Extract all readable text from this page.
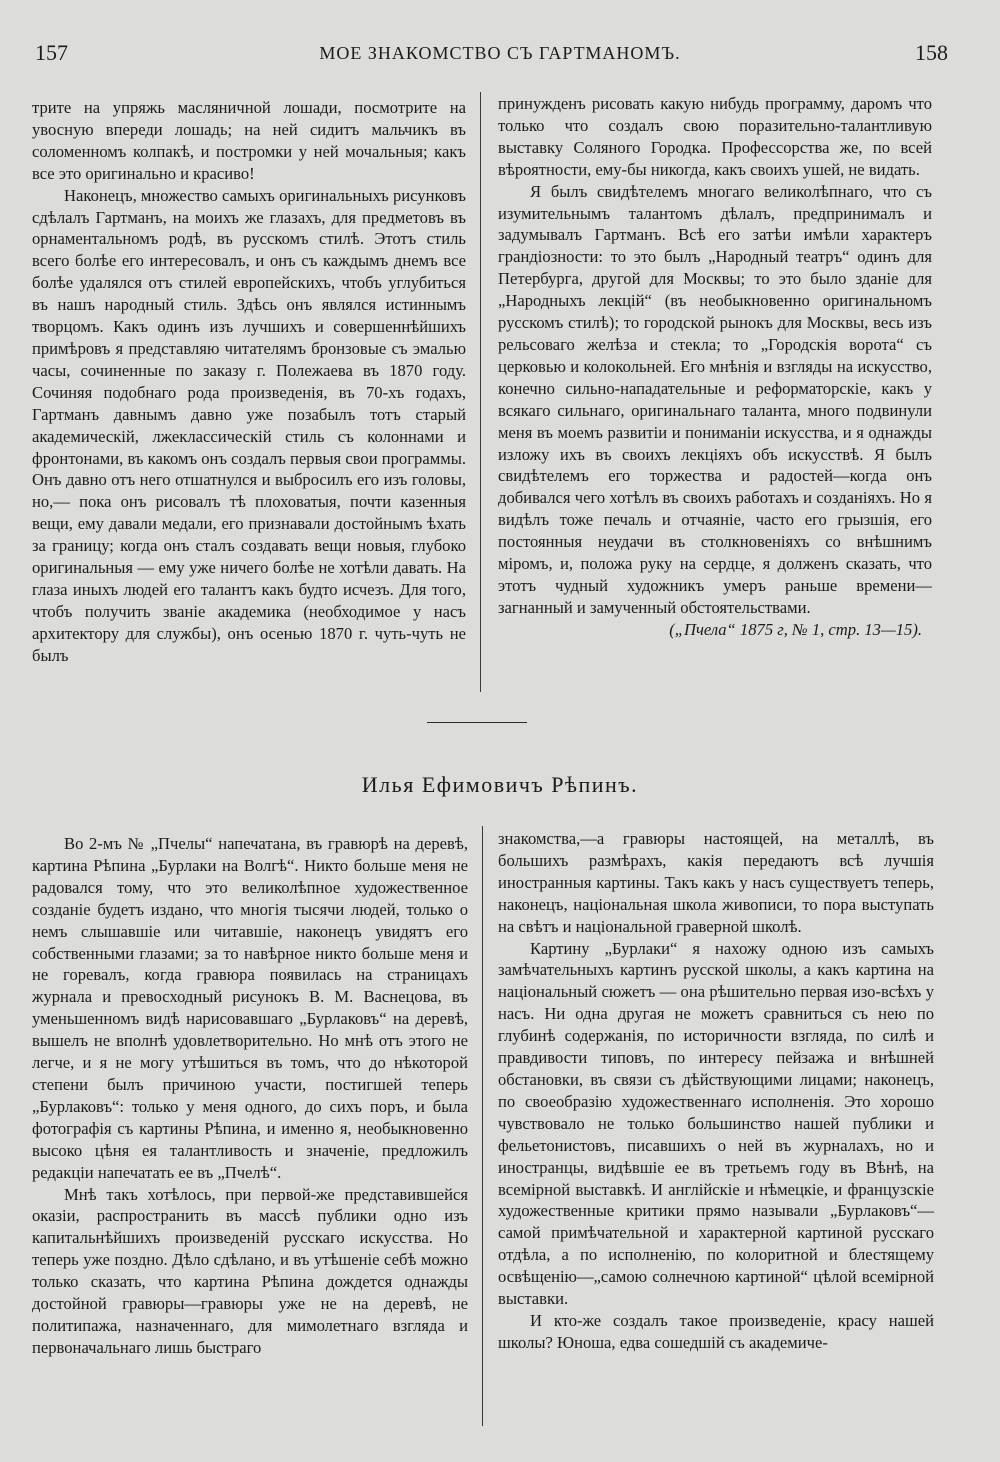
157	МОЕ ЗНАКОМСТВО СЪ ГАРТМАНОМЪ.	158

трите на упряжь масляничной лошади, посмотрите на увосную впереди лошадь; на ней сидитъ мальчикъ въ соломенномъ колпакѣ, и постромки у ней мочальныя; какъ все это оригинально и красиво!

Наконецъ, множество самыхъ оригинальныхъ рисунковъ сдѣлалъ Гартманъ, на моихъ же глазахъ, для предметовъ въ орнаментальномъ родѣ, въ русскомъ стилѣ. Этотъ стиль всего болѣе его интересовалъ, и онъ съ каждымъ днемъ все болѣе удалялся отъ стилей европейскихъ, чтобъ углубиться въ нашъ народный стиль. Здѣсь онъ являлся истиннымъ творцомъ. Какъ одинъ изъ лучшихъ и совершеннѣйшихъ примѣровъ я представляю читателямъ бронзовые съ эмалью часы, сочиненные по заказу г. Полежаева въ 1870 году. Сочиняя подобнаго рода произведенія, въ 70-хъ годахъ, Гартманъ давнымъ давно уже позабылъ тотъ старый академическій, лжеклассическій стиль съ колоннами и фронтонами, въ какомъ онъ создалъ первыя свои программы. Онъ давно отъ него отшатнулся и выбросилъ его изъ головы, но,— пока онъ рисовалъ тѣ плоховатыя, почти казенныя вещи, ему давали медали, его признавали достойнымъ ѣхать за границу; когда онъ сталъ создавать вещи новыя, глубоко оригинальныя — ему уже ничего болѣе не хотѣли давать. На глаза иныхъ людей его талантъ какъ будто исчезъ. Для того, чтобъ получить званіе академика (необходимое у насъ архитектору для службы), онъ осенью 1870 г. чуть-чуть не былъ

принужденъ рисовать какую нибудь программу, даромъ что только что создалъ свою поразительно-талантливую выставку Соляного Городка. Профессорства же, по всей вѣроятности, ему-бы никогда, какъ своихъ ушей, не видать.

Я былъ свидѣтелемъ многаго великолѣпнаго, что съ изумительнымъ талантомъ дѣлалъ, предпринималъ и задумывалъ Гартманъ. Всѣ его затѣи имѣли характеръ грандіозности: то это былъ „Народный театръ“ одинъ для Петербурга, другой для Москвы; то это было зданіе для „Народныхъ лекцій“ (въ необыкновенно оригинальномъ русскомъ стилѣ); то городской рынокъ для Москвы, весь изъ рельсоваго желѣза и стекла; то „Городскія ворота“ съ церковью и колокольней. Его мнѣнія и взгляды на искусство, конечно сильно-нападательные и реформаторскіе, какъ у всякаго сильнаго, оригинальнаго таланта, много подвинули меня въ моемъ развитіи и пониманіи искусства, и я однажды изложу ихъ въ своихъ лекціяхъ объ искусствѣ. Я былъ свидѣтелемъ его торжества и радостей—когда онъ добивался чего хотѣлъ въ своихъ работахъ и созданіяхъ. Но я видѣлъ тоже печаль и отчаяніе, часто его грызшія, его постоянныя неудачи въ столкновеніяхъ со внѣшнимъ міромъ, и, положа руку на сердце, я долженъ сказать, что этотъ чудный художникъ умеръ раньше времени— загнанный и замученный обстоятельствами.

(„Пчела“ 1875 г, № 1, стр. 13—15).

Илья Ефимовичъ Рѣпинъ.

Во 2-мъ № „Пчелы“ напечатана, въ гравюрѣ на деревѣ, картина Рѣпина „Бурлаки на Волгѣ“. Никто больше меня не радовался тому, что это великолѣпное художественное созданіе будетъ издано, что многія тысячи людей, только о немъ слышавшіе или читавшіе, наконецъ увидятъ его собственными глазами; за то навѣрное никто больше меня и не горевалъ, когда гравюра появилась на страницахъ журнала и превосходный рисунокъ В. М. Васнецова, въ уменьшенномъ видѣ нарисовавшаго „Бурлаковъ“ на деревѣ, вышелъ не вполнѣ удовлетворительно. Но мнѣ отъ этого не легче, и я не могу утѣшиться въ томъ, что до нѣкоторой степени былъ причиною участи, постигшей теперь „Бурлаковъ“: только у меня одного, до сихъ поръ, и была фотографія съ картины Рѣпина, и именно я, необыкновенно высоко цѣня ея талантливость и значеніе, предложилъ редакціи напечатать ее въ „Пчелѣ“.

Мнѣ такъ хотѣлось, при первой-же представившейся оказіи, распространить въ массѣ публики одно изъ капитальнѣйшихъ произведеній русскаго искусства. Но теперь уже поздно. Дѣло сдѣлано, и въ утѣшеніе себѣ можно только сказать, что картина Рѣпина дождется однажды достойной гравюры—гравюры уже не на деревѣ, не политипажа, назначеннаго, для мимолетнаго взгляда и первоначальнаго лишь быстраго

знакомства,—а гравюры настоящей, на металлѣ, въ большихъ размѣрахъ, какія передаютъ всѣ лучшія иностранныя картины. Такъ какъ у насъ существуетъ теперь, наконецъ, національная школа живописи, то пора выступать на свѣтъ и національной граверной школѣ.

Картину „Бурлаки“ я нахожу одною изъ самыхъ замѣчательныхъ картинъ русской школы, а какъ картина на національный сюжетъ — она рѣшительно первая изо-всѣхъ у насъ. Ни одна другая не можетъ сравниться съ нею по глубинѣ содержанія, по историчности взгляда, по силѣ и правдивости типовъ, по интересу пейзажа и внѣшней обстановки, въ связи съ дѣйствующими лицами; наконецъ, по своеобразію художественнаго исполненія. Это хорошо чувствовало не только большинство нашей публики и фельетонистовъ, писавшихъ о ней въ журналахъ, но и иностранцы, видѣвшіе ее въ третьемъ году въ Вѣнѣ, на всемірной выставкѣ. И англійскіе и нѣмецкіе, и французскіе художественные критики прямо называли „Бурлаковъ“—самой примѣчательной и характерной картиной русскаго отдѣла, а по исполненію, по колоритной и блестящему освѣщенію—„самою солнечною картиной“ цѣлой всемірной выставки.

И кто-же создалъ такое произведеніе, красу нашей школы? Юноша, едва сошедшій съ академиче-
